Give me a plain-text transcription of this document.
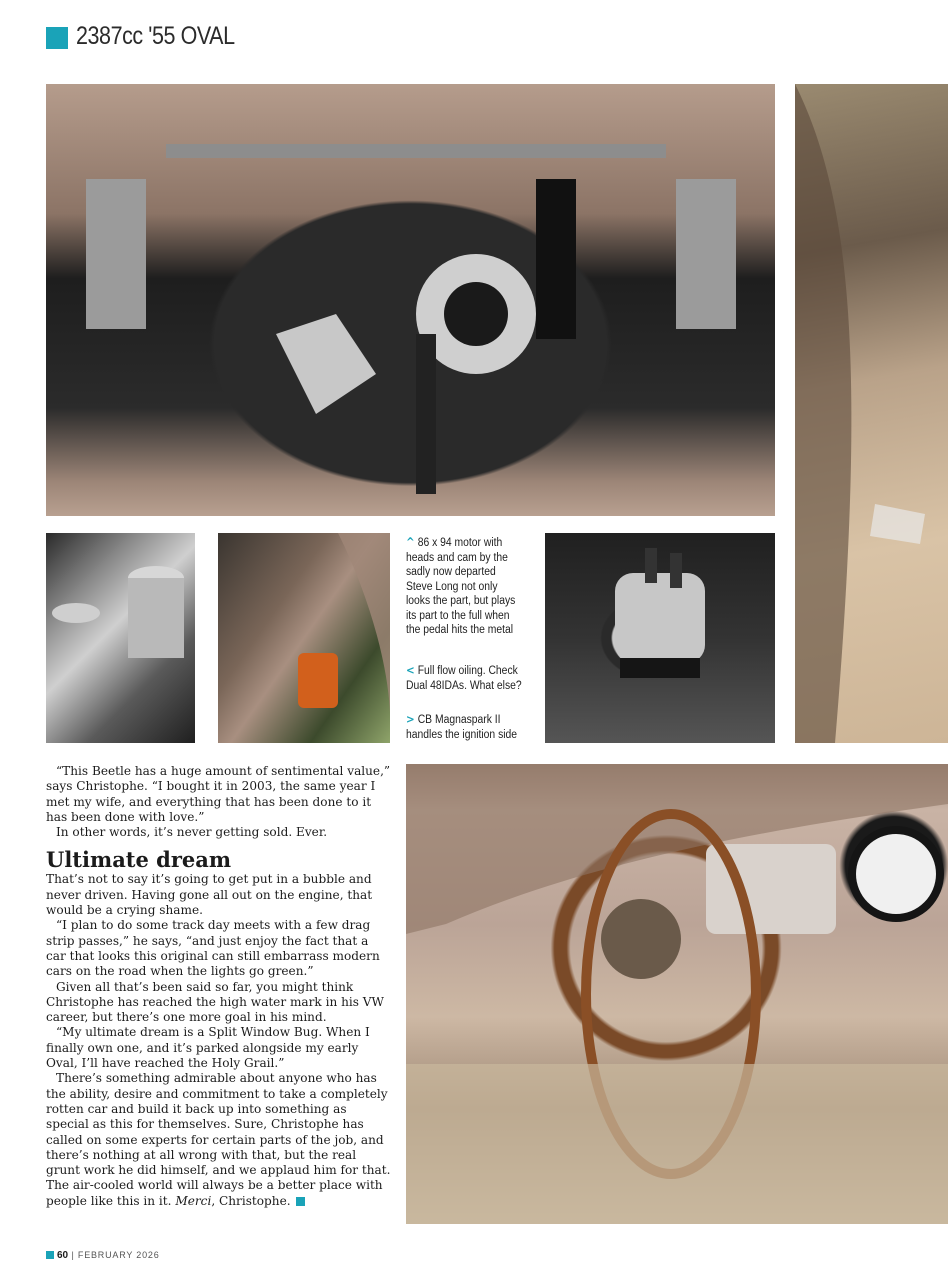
2387cc '55 OVAL
^ 86 x 94 motor with heads and cam by the sadly now departed Steve Long not only looks the part, but plays its part to the full when the pedal hits the metal
< Full flow oiling. Check Dual 48IDAs. What else?
> CB Magnaspark II handles the ignition side

“This Beetle has a huge amount of sentimental value,” says Christophe. “I bought it in 2003, the same year I met my wife, and everything that has been done to it has been done with love.”

In other words, it’s never getting sold. Ever.

Ultimate dream

That’s not to say it’s going to get put in a bubble and never driven. Having gone all out on the engine, that would be a crying shame.

“I plan to do some track day meets with a few drag strip passes,” he says, “and just enjoy the fact that a car that looks this original can still embarrass modern cars on the road when the lights go green.”

Given all that’s been said so far, you might think Christophe has reached the high water mark in his VW career, but there’s one more goal in his mind.

“My ultimate dream is a Split Window Bug. When I finally own one, and it’s parked alongside my early Oval, I’ll have reached the Holy Grail.”

There’s something admirable about anyone who has the ability, desire and commitment to take a completely rotten car and build it back up into something as special as this for themselves. Sure, Christophe has called on some experts for certain parts of the job, and there’s nothing at all wrong with that, but the real grunt work he did himself, and we applaud him for that. The air-cooled world will always be a better place with people like this in it. Merci, Christophe.

60 | FEBRUARY 2026
